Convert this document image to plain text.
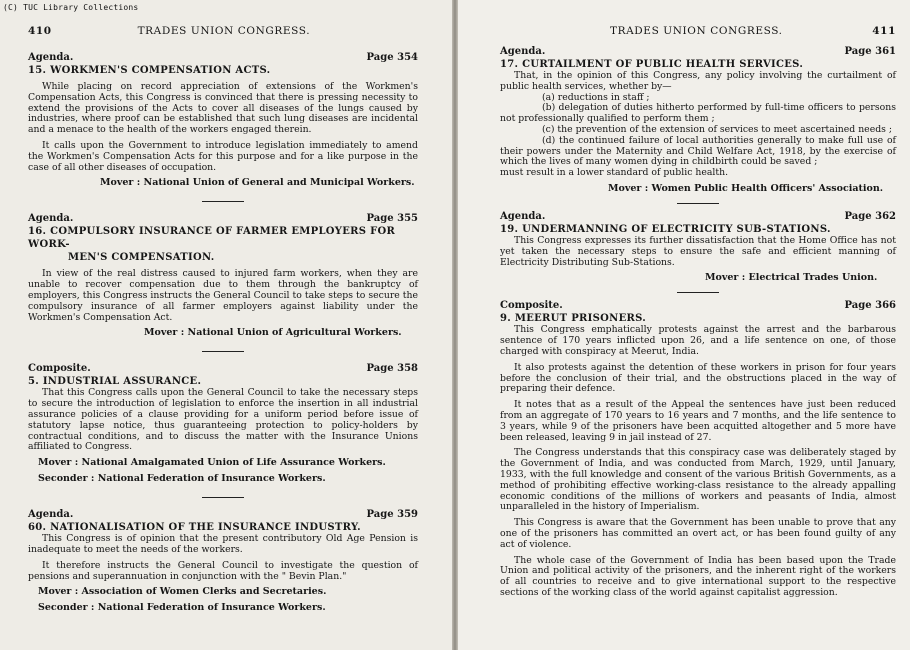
(C) TUC Library Collections
410	TRADES UNION CONGRESS.
Agenda.	Page 354
15. WORKMEN'S COMPENSATION ACTS.

While placing on record appreciation of extensions of the Workmen's Compensation Acts, this Congress is convinced that there is pressing necessity to extend the provisions of the Acts to cover all diseases of the lungs caused by industries, where proof can be established that such lung diseases are incidental and a menace to the health of the workers engaged therein.

It calls upon the Government to introduce legislation immediately to amend the Workmen's Compensation Acts for this purpose and for a like purpose in the case of all other diseases of occupation.

Mover : National Union of General and Municipal Workers.
Agenda.	Page 355
16. COMPULSORY INSURANCE OF FARMER EMPLOYERS FOR WORK-
MEN'S COMPENSATION.

In view of the real distress caused to injured farm workers, when they are unable to recover compensation due to them through the bankruptcy of employers, this Congress instructs the General Council to take steps to secure the compulsory insurance of all farmer employers against liability under the Workmen's Compensation Act.

Mover : National Union of Agricultural Workers.
Composite.	Page 358
5. INDUSTRIAL ASSURANCE.

That this Congress calls upon the General Council to take the necessary steps to secure the introduction of legislation to enforce the insertion in all industrial assurance policies of a clause providing for a uniform period before issue of statutory lapse notice, thus guaranteeing protection to policy-holders by contractual conditions, and to discuss the matter with the Insurance Unions affiliated to Congress.

Mover : National Amalgamated Union of Life Assurance Workers.
Seconder : National Federation of Insurance Workers.
Agenda.	Page 359
60. NATIONALISATION OF THE INSURANCE INDUSTRY.

This Congress is of opinion that the present contributory Old Age Pension is inadequate to meet the needs of the workers.

It therefore instructs the General Council to investigate the question of pensions and superannuation in conjunction with the " Bevin Plan."

Mover : Association of Women Clerks and Secretaries.
Seconder : National Federation of Insurance Workers.
TRADES UNION CONGRESS.	411
Agenda.	Page 361
17. CURTAILMENT OF PUBLIC HEALTH SERVICES.

That, in the opinion of this Congress, any policy involving the curtailment of public health services, whether by—

(a) reductions in staff ;

(b) delegation of duties hitherto performed by full-time officers to persons not professionally qualified to perform them ;

(c) the prevention of the extension of services to meet ascertained needs ;

(d) the continued failure of local authorities generally to make full use of their powers under the Maternity and Child Welfare Act, 1918, by the exercise of which the lives of many women dying in childbirth could be saved ;

must result in a lower standard of public health.

Mover : Women Public Health Officers' Association.
Agenda.	Page 362
19. UNDERMANNING OF ELECTRICITY SUB-STATIONS.

This Congress expresses its further dissatisfaction that the Home Office has not yet taken the necessary steps to ensure the safe and efficient manning of Electricity Distributing Sub-Stations.

Mover : Electrical Trades Union.
Composite.	Page 366
9. MEERUT PRISONERS.

This Congress emphatically protests against the arrest and the barbarous sentence of 170 years inflicted upon 26, and a life sentence on one, of those charged with conspiracy at Meerut, India.

It also protests against the detention of these workers in prison for four years before the conclusion of their trial, and the obstructions placed in the way of preparing their defence.

It notes that as a result of the Appeal the sentences have just been reduced from an aggregate of 170 years to 16 years and 7 months, and the life sentence to 3 years, while 9 of the prisoners have been acquitted altogether and 5 more have been released, leaving 9 in jail instead of 27.

The Congress understands that this conspiracy case was deliberately staged by the Government of India, and was conducted from March, 1929, until January, 1933, with the full knowledge and consent of the various British Governments, as a method of prohibiting effective working-class resistance to the already appalling economic conditions of the millions of workers and peasants of India, almost unparalleled in the history of Imperialism.

This Congress is aware that the Government has been unable to prove that any one of the prisoners has committed an overt act, or has been found guilty of any act of violence.

The whole case of the Government of India has been based upon the Trade Union and political activity of the prisoners, and the inherent right of the workers of all countries to receive and to give international support to the respective sections of the working class of the world against capitalist aggression.
